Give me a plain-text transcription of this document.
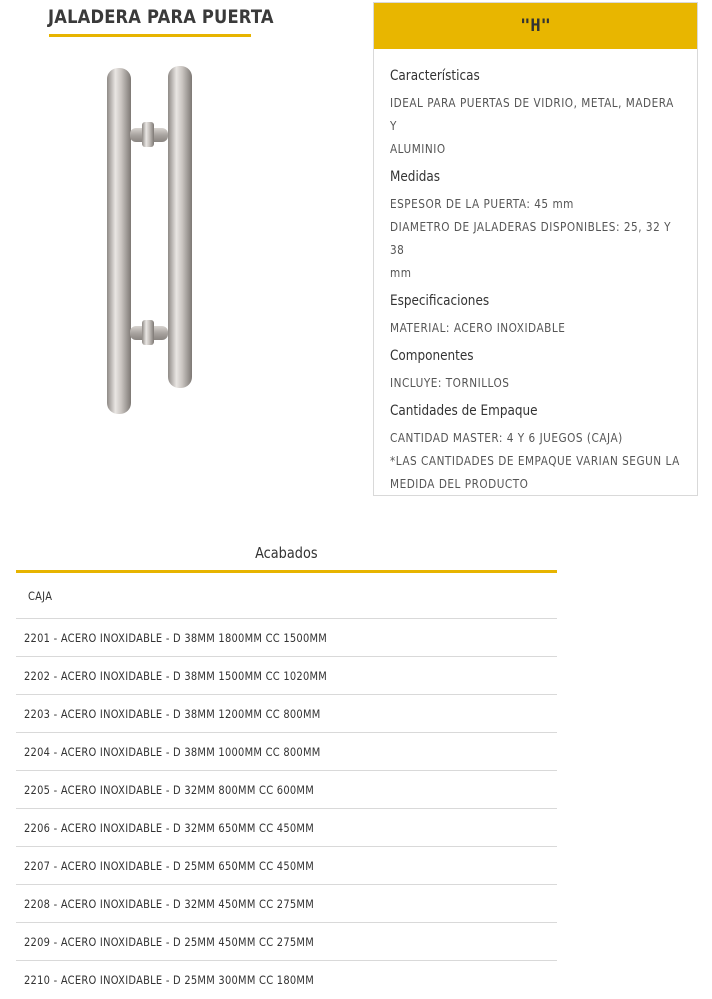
JALADERA PARA PUERTA	"H"
Características
IDEAL PARA PUERTAS DE VIDRIO, METAL, MADERA Y
ALUMINIO
Medidas
ESPESOR DE LA PUERTA: 45 mm
DIAMETRO DE JALADERAS DISPONIBLES: 25, 32 Y 38
mm
Especificaciones
MATERIAL: ACERO INOXIDABLE
Componentes
INCLUYE: TORNILLOS
Cantidades de Empaque
CANTIDAD MASTER: 4 Y 6 JUEGOS (CAJA)
*LAS CANTIDADES DE EMPAQUE VARIAN SEGUN LA
MEDIDA DEL PRODUCTO
Acabados
CAJA
2201 - ACERO INOXIDABLE - D 38MM 1800MM CC 1500MM
2202 - ACERO INOXIDABLE - D 38MM 1500MM CC 1020MM
2203 - ACERO INOXIDABLE - D 38MM 1200MM CC 800MM
2204 - ACERO INOXIDABLE - D 38MM 1000MM CC 800MM
2205 - ACERO INOXIDABLE - D 32MM 800MM CC 600MM
2206 - ACERO INOXIDABLE - D 32MM 650MM CC 450MM
2207 - ACERO INOXIDABLE - D 25MM 650MM CC 450MM
2208 - ACERO INOXIDABLE - D 32MM 450MM CC 275MM
2209 - ACERO INOXIDABLE - D 25MM 450MM CC 275MM
2210 - ACERO INOXIDABLE - D 25MM 300MM CC 180MM
